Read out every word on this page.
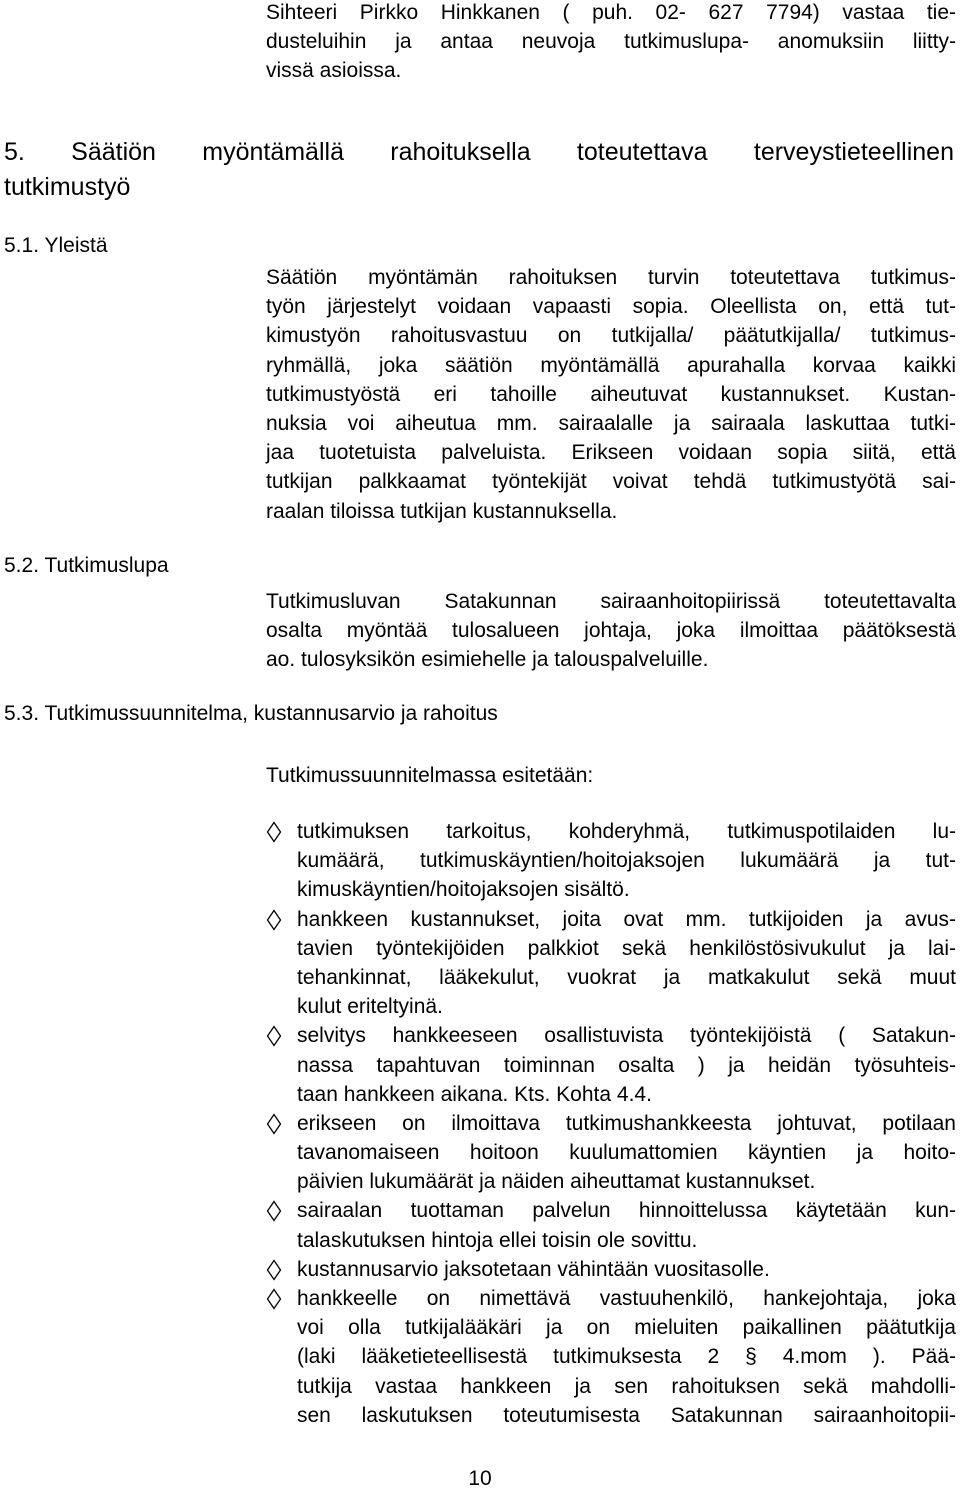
Sihteeri Pirkko Hinkkanen ( puh. 02- 627 7794) vastaa tie-
dusteluihin ja antaa neuvoja tutkimuslupa- anomuksiin liitty-
vissä asioissa.
5. Säätiön myöntämällä rahoituksella toteutettava terveystieteellinen
tutkimustyö
5.1. Yleistä
Säätiön myöntämän rahoituksen turvin toteutettava tutkimus-
työn järjestelyt voidaan vapaasti sopia. Oleellista on, että tut-
kimustyön rahoitusvastuu on tutkijalla/ päätutkijalla/ tutkimus-
ryhmällä, joka säätiön myöntämällä apurahalla korvaa kaikki
tutkimustyöstä eri tahoille aiheutuvat kustannukset. Kustan-
nuksia voi aiheutua mm. sairaalalle ja sairaala laskuttaa tutki-
jaa tuotetuista palveluista. Erikseen voidaan sopia siitä, että
tutkijan palkkaamat työntekijät voivat tehdä tutkimustyötä sai-
raalan tiloissa tutkijan kustannuksella.
5.2. Tutkimuslupa
Tutkimusluvan Satakunnan sairaanhoitopiirissä toteutettavalta
osalta myöntää tulosalueen johtaja, joka ilmoittaa päätöksestä
ao. tulosyksikön esimiehelle ja talouspalveluille.
5.3. Tutkimussuunnitelma, kustannusarvio ja rahoitus
Tutkimussuunnitelmassa esitetään:
tutkimuksen tarkoitus, kohderyhmä, tutkimuspotilaiden lu-
kumäärä, tutkimuskäyntien/hoitojaksojen lukumäärä ja tut-
kimuskäyntien/hoitojaksojen sisältö.
hankkeen kustannukset, joita ovat mm. tutkijoiden ja avus-
tavien työntekijöiden palkkiot sekä henkilöstösivukulut ja lai-
tehankinnat, lääkekulut, vuokrat ja matkakulut sekä muut
kulut eriteltyinä.
selvitys hankkeeseen osallistuvista työntekijöistä ( Satakun-
nassa tapahtuvan toiminnan osalta ) ja heidän työsuhteis-
taan hankkeen aikana. Kts. Kohta 4.4.
erikseen on ilmoittava tutkimushankkeesta johtuvat, potilaan
tavanomaiseen hoitoon kuulumattomien käyntien ja hoito-
päivien lukumäärät ja näiden aiheuttamat kustannukset.
sairaalan tuottaman palvelun hinnoittelussa käytetään kun-
talaskutuksen hintoja ellei toisin ole sovittu.
kustannusarvio jaksotetaan vähintään vuositasolle.
hankkeelle on nimettävä vastuuhenkilö, hankejohtaja, joka
voi olla tutkijalääkäri ja on mieluiten paikallinen päätutkija
(laki lääketieteellisestä tutkimuksesta 2 § 4.mom ). Pää-
tutkija vastaa hankkeen ja sen rahoituksen sekä mahdolli-
sen laskutuksen toteutumisesta Satakunnan sairaanhoitopii-
10
